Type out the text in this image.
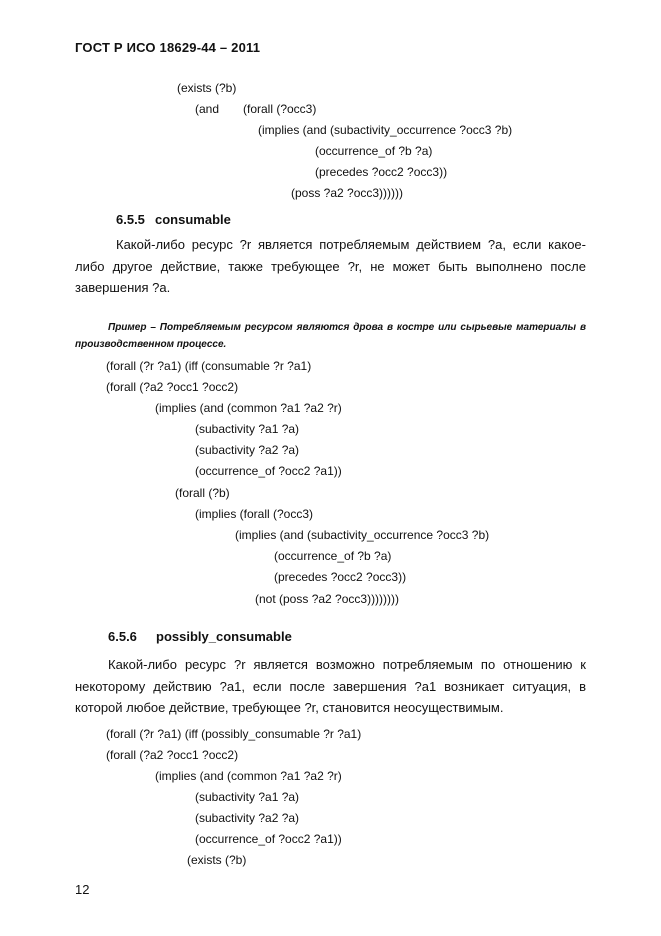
ГОСТ Р ИСО 18629-44 – 2011
(exists (?b)
(and (forall (?occ3)
(implies (and (subactivity_occurrence ?occ3 ?b)
(occurrence_of ?b ?a)
(precedes ?occ2 ?occ3))
(poss ?a2 ?occ3))))))
6.5.5 consumable
Какой-либо ресурс ?r является потребляемым действием ?a, если какое-либо другое действие, также требующее ?r, не может быть выполнено после завершения ?a.
Пример – Потребляемым ресурсом являются дрова в костре или сырьевые материалы в производственном процессе.
(forall (?r ?a1) (iff (consumable ?r ?a1)
(forall (?a2 ?occ1 ?occ2)
(implies (and (common ?a1 ?a2 ?r)
(subactivity ?a1 ?a)
(subactivity ?a2 ?a)
(occurrence_of ?occ2 ?a1))
(forall (?b)
(implies (forall (?occ3)
(implies (and (subactivity_occurrence ?occ3 ?b)
(occurrence_of ?b ?a)
(precedes ?occ2 ?occ3))
(not (poss ?a2 ?occ3))))))))
6.5.6 possibly_consumable
Какой-либо ресурс ?r является возможно потребляемым по отношению к некоторому действию ?a1, если после завершения ?a1 возникает ситуация, в которой любое действие, требующее ?r, становится неосуществимым.
(forall (?r ?a1) (iff (possibly_consumable ?r ?a1)
(forall (?a2 ?occ1 ?occ2)
(implies (and (common ?a1 ?a2 ?r)
(subactivity ?a1 ?a)
(subactivity ?a2 ?a)
(occurrence_of ?occ2 ?a1))
(exists (?b)
12
